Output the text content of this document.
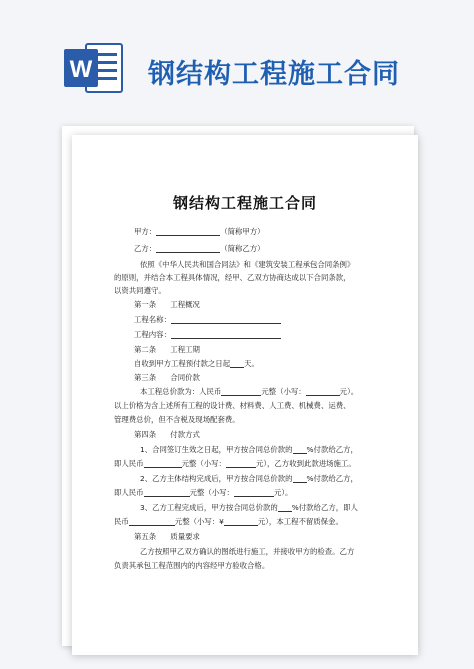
W 钢结构工程施工合同
钢结构工程施工合同
甲方：	（简称甲方）
乙方：	（简称乙方）
依照《中华人民共和国合同法》和《建筑安装工程承包合同条例》
的原则，并结合本工程具体情况，经甲、乙双方协商达成以下合同条款，
以资共同遵守。
第一条 工程概况
工程名称：
工程内容：
第二条 工程工期
自收到甲方工程预付款之日起 天。
第三条 合同价款
本工程总价款为：人民币	元整（小写：	元）。
以上价格为含上述所有工程的设计费、材料费、人工费、机械费、运费、
管理费总价，但不含税及现场配套费。
第四条 付款方式
1、合同签订生效之日起，甲方按合同总价款的 %付款给乙方，
即人民币	元整（小写：	元），乙方收到此款进场施工。
2、乙方主体结构完成后，甲方按合同总价款的 %付款给乙方，
即人民币	元整（小写：	元）。
3、乙方工程完成后，甲方按合同总价款的 %付款给乙方，即人
民币	元整（小写：¥	元），本工程不留质保金。
第五条 质量要求
乙方按照甲乙双方确认的图纸进行施工，并接收甲方的检查。乙方
负责其承包工程范围内的内容经甲方验收合格。
